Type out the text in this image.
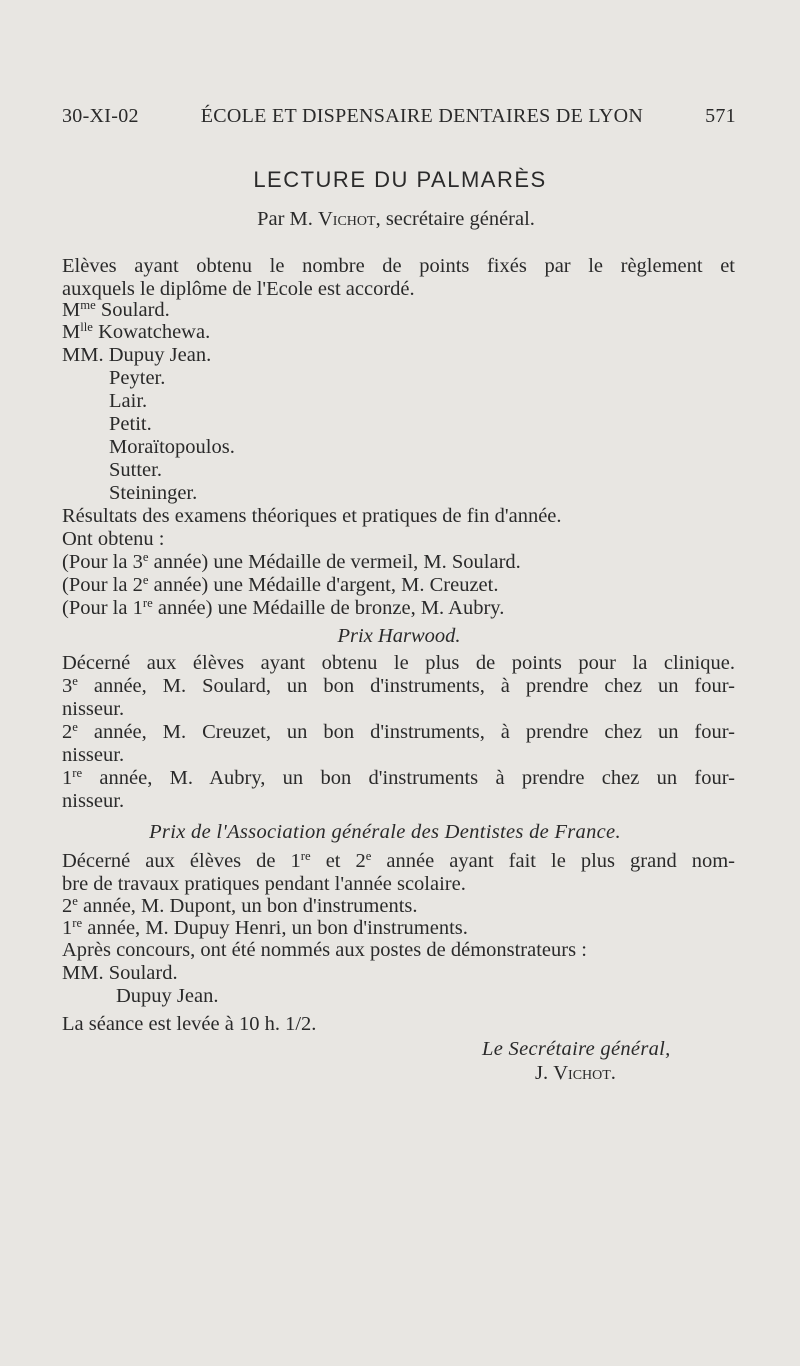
30-XI-02	ÉCOLE ET DISPENSAIRE DENTAIRES DE LYON	571
LECTURE DU PALMARÈS
Par M. Vichot, secrétaire général.
Elèves ayant obtenu le nombre de points fixés par le règlement et
auxquels le diplôme de l'Ecole est accordé.
$M^{me}$ Soulard.
$M^{lle}$ Kowatchewa.
MM. Dupuy Jean.
Peyter.
Lair.
Petit.
Moraïtopoulos.
Sutter.
Steininger.
Résultats des examens théoriques et pratiques de fin d'année.
Ont obtenu :
(Pour la 3e année) une Médaille de vermeil, M. Soulard.
(Pour la 2e année) une Médaille d'argent, M. Creuzet.
(Pour la 1re année) une Médaille de bronze, M. Aubry.
Prix Harwood.
Décerné aux élèves ayant obtenu le plus de points pour la clinique.
3e année, M. Soulard, un bon d'instruments, à prendre chez un four-
nisseur.
2e année, M. Creuzet, un bon d'instruments, à prendre chez un four-
nisseur.
1re année, M. Aubry, un bon d'instruments à prendre chez un four-
nisseur.
Prix de l'Association générale des Dentistes de France.
Décerné aux élèves de 1re et 2e année ayant fait le plus grand nom-
bre de travaux pratiques pendant l'année scolaire.
2e année, M. Dupont, un bon d'instruments.
1re année, M. Dupuy Henri, un bon d'instruments.
Après concours, ont été nommés aux postes de démonstrateurs :
MM. Soulard.
Dupuy Jean.
La séance est levée à 10 h. 1/2.
Le Secrétaire général,
J. Vichot.
